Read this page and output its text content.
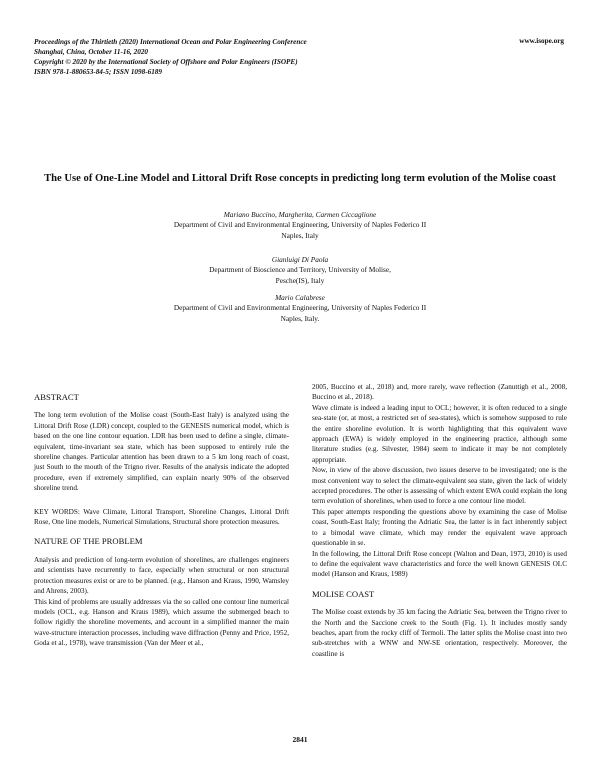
Proceedings of the Thirtieth (2020) International Ocean and Polar Engineering Conference
Shanghai, China, October 11-16, 2020
Copyright © 2020 by the International Society of Offshore and Polar Engineers (ISOPE)
ISBN 978-1-880653-84-5; ISSN 1098-6189
www.isope.org
The Use of One-Line Model and Littoral Drift Rose concepts in predicting long term evolution of the Molise coast
Mariano Buccino, Margherita, Carmen Ciccaglione
Department of Civil and Environmental Engineering, University of Naples Federico II
Naples, Italy
Gianluigi Di Paola
Department of Bioscience and Territory, University of Molise,
Pesche(IS), Italy
Mario Calabrese
Department of Civil and Environmental Engineering, University of Naples Federico II
Naples, Italy.

ABSTRACT

The long term evolution of the Molise coast (South-East Italy) is analyzed using the Littoral Drift Rose (LDR) concept, coupled to the GENESIS numerical model, which is based on the one line contour equation. LDR has been used to define a single, climate-equivalent, time-invariant sea state, which has been supposed to entirely rule the shoreline changes. Particular attention has been drawn to a 5 km long reach of coast, just South to the mouth of the Trigno river. Results of the analysis indicate the adopted procedure, even if extremely simplified, can explain nearly 90% of the observed shoreline trend.

KEY WORDS: Wave Climate, Littoral Transport, Shoreline Changes, Littoral Drift Rose, One line models, Numerical Simulations, Structural shore protection measures.

NATURE OF THE PROBLEM

Analysis and prediction of long-term evolution of shorelines, are challenges engineers and scientists have recurrently to face, especially when structural or non structural protection measures exist or are to be planned. (e.g., Hanson and Kraus, 1990, Wamsley and Ahrens, 2003).

This kind of problems are usually addresses via the so called one contour line numerical models (OCL, e.g. Hanson and Kraus 1989), which assume the submerged beach to follow rigidly the shoreline movements, and account in a simplified manner the main wave-structure interaction processes, including wave diffraction (Penny and Price, 1952, Goda et al., 1978), wave transmission (Van der Meer et al.,

2005, Buccino et al., 2018) and, more rarely, wave reflection (Zanuttigh et al., 2008, Buccino et al., 2018).

Wave climate is indeed a leading input to OCL; however, it is often reduced to a single sea-state (or, at most, a restricted set of sea-states), which is somehow supposed to rule the entire shoreline evolution. It is worth highlighting that this equivalent wave approach (EWA) is widely employed in the engineering practice, although some literature studies (e.g. Silvester, 1984) seem to indicate it may be not completely appropriate.

Now, in view of the above discussion, two issues deserve to be investigated; one is the most convenient way to select the climate-equivalent sea state, given the lack of widely accepted procedures. The other is assessing of which extent EWA could explain the long term evolution of shorelines, when used to force a one contour line model.

This paper attempts responding the questions above by examining the case of Molise coast, South-East Italy; fronting the Adriatic Sea, the latter is in fact inherently subject to a bimodal wave climate, which may render the equivalent wave approach questionable in se.

In the following, the Littoral Drift Rose concept (Walton and Dean, 1973, 2010) is used to define the equivalent wave characteristics and force the well known GENESIS OLC model (Hanson and Kraus, 1989)

MOLISE COAST

The Molise coast extends by 35 km facing the Adriatic Sea, between the Trigno river to the North and the Saccione creek to the South (Fig. 1). It includes mostly sandy beaches, apart from the rocky cliff of Termoli. The latter splits the Molise coast into two sub-stretches with a WNW and NW-SE orientation, respectively. Moreover, the coastline is

2841
